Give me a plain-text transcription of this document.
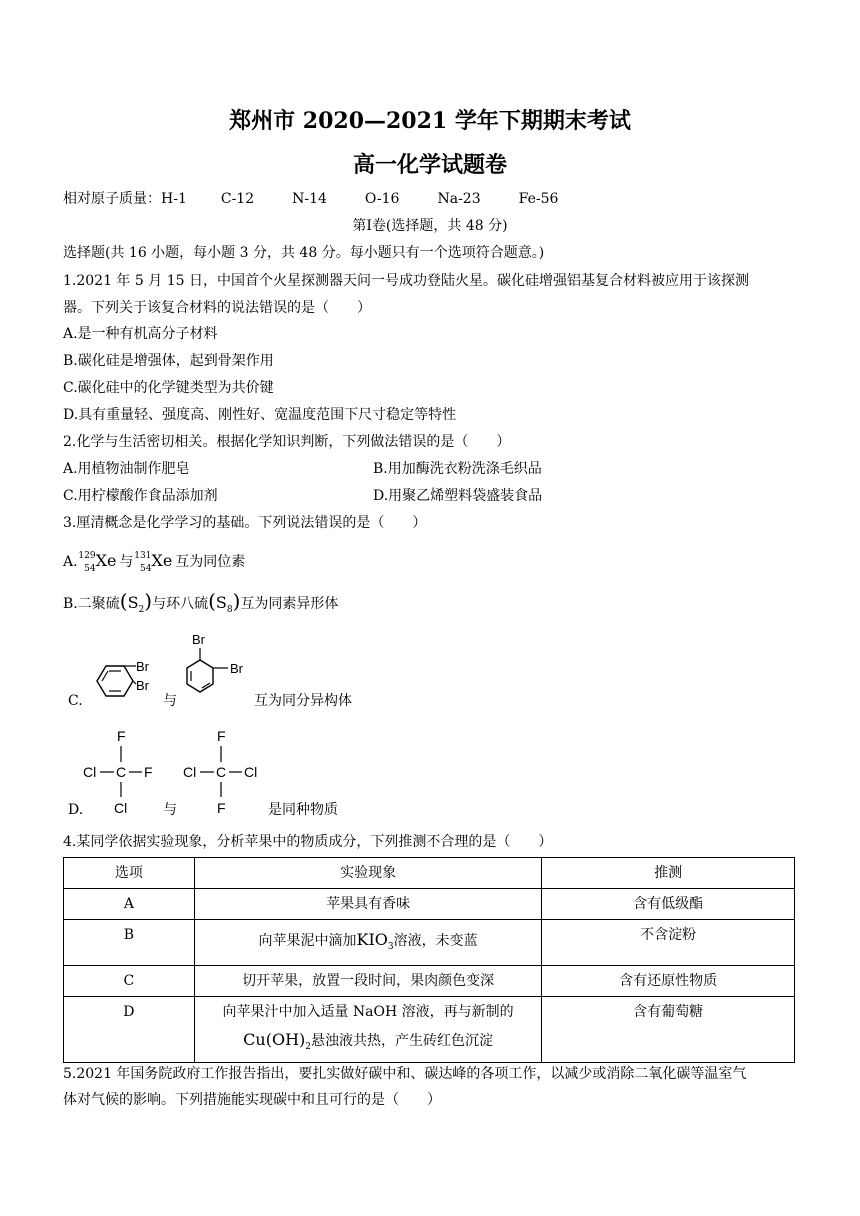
郑州市 2020—2021 学年下期期末考试
高一化学试题卷
相对原子质量：H-1 C-12	N-14	O-16	Na-23	Fe-56
第Ⅰ卷(选择题，共 48 分)
选择题(共 16 小题，每小题 3 分，共 48 分。每小题只有一个选项符合题意。)
1.2021 年 5 月 15 日，中国首个火星探测器天问一号成功登陆火星。碳化硅增强铝基复合材料被应用于该探测
器。下列关于该复合材料的说法错误的是（　　）
A.是一种有机高分子材料
B.碳化硅是增强体，起到骨架作用
C.碳化硅中的化学键类型为共价键
D.具有重量轻、强度高、刚性好、宽温度范围下尺寸稳定等特性
2.化学与生活密切相关。根据化学知识判断，下列做法错误的是（　　）
A.用植物油制作肥皂	B.用加酶洗衣粉洗涤毛织品
C.用柠檬酸作食品添加剂	D.用聚乙烯塑料袋盛装食品
3.厘清概念是化学学习的基础。下列说法错误的是（　　）
A. 129
54 Xe 与 131
54 Xe 互为同位素
B.二聚硫$(S_2)$与环八硫$(S_8)$互为同素异形体
C.
Br
Br
与
Br
Br
互为同分异构体
D.
F
Cl C F
Cl	与
F
Cl C Cl
F	是同种物质
4.某同学依据实验现象，分析苹果中的物质成分，下列推测不合理的是（　　）
选项	实验现象	推测
A	苹果具有香味	含有低级酯
B	向苹果泥中滴加$KIO_3$溶液，未变蓝	不含淀粉
C	切开苹果，放置一段时间，果肉颜色变深	含有还原性物质
D	向苹果汁中加入适量 NaOH 溶液，再与新制的
$Cu(OH)_2$悬浊液共热，产生砖红色沉淀	含有葡萄糖
5.2021 年国务院政府工作报告指出，要扎实做好碳中和、碳达峰的各项工作，以减少或消除二氧化碳等温室气
体对气候的影响。下列措施能实现碳中和且可行的是（　　）
